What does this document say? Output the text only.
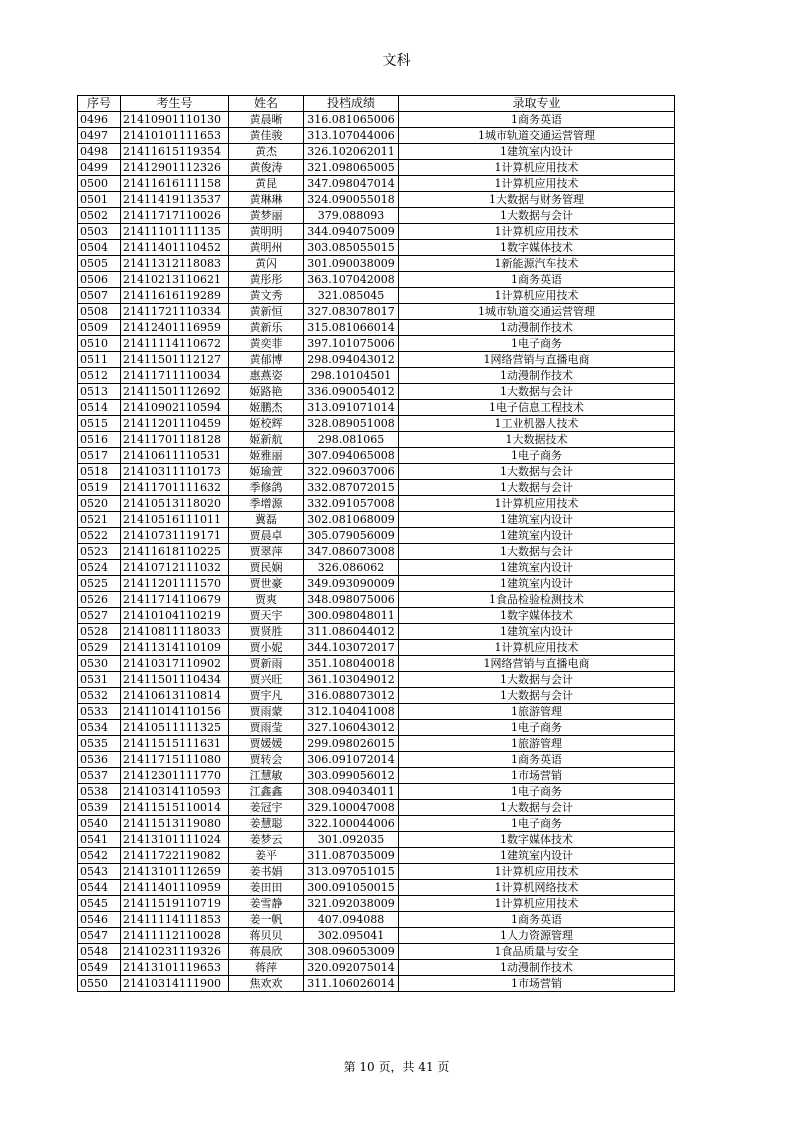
文科
序号	考生号	姓名	投档成绩	录取专业
0496	21410901110130	黄晨晰	316.081065006	1商务英语
0497	21410101111653	黄佳骏	313.107044006	1城市轨道交通运营管理
0498	21411615119354	黄杰	326.102062011	1建筑室内设计
0499	21412901112326	黄俊涛	321.098065005	1计算机应用技术
0500	21411616111158	黄昆	347.098047014	1计算机应用技术
0501	21411419113537	黄琳琳	324.090055018	1大数据与财务管理
0502	21411717110026	黄梦丽	379.088093	1大数据与会计
0503	21411101111135	黄明明	344.094075009	1计算机应用技术
0504	21411401110452	黄明州	303.085055015	1数字媒体技术
0505	21411312118083	黄闪	301.090038009	1新能源汽车技术
0506	21410213110621	黄彤彤	363.107042008	1商务英语
0507	21411616119289	黄文秀	321.085045	1计算机应用技术
0508	21411721110334	黄新恒	327.083078017	1城市轨道交通运营管理
0509	21412401116959	黄新乐	315.081066014	1动漫制作技术
0510	21411114110672	黄奕菲	397.101075006	1电子商务
0511	21411501112127	黄郁博	298.094043012	1网络营销与直播电商
0512	21411711110034	惠燕姿	298.10104501	1动漫制作技术
0513	21411501112692	姬路艳	336.090054012	1大数据与会计
0514	21410902110594	姬鹏杰	313.091071014	1电子信息工程技术
0515	21411201110459	姬校辉	328.089051008	1工业机器人技术
0516	21411701118128	姬新航	298.081065	1大数据技术
0517	21410611110531	姬雅丽	307.094065008	1电子商务
0518	21410311110173	姬瑜萱	322.096037006	1大数据与会计
0519	21411701111632	季修鸽	332.087072015	1大数据与会计
0520	21410513118020	季增源	332.091057008	1计算机应用技术
0521	21410516111011	冀磊	302.081068009	1建筑室内设计
0522	21410731119171	贾晨卓	305.079056009	1建筑室内设计
0523	21411618110225	贾翠萍	347.086073008	1大数据与会计
0524	21410712111032	贾民娴	326.086062	1建筑室内设计
0525	21411201111570	贾世豪	349.093090009	1建筑室内设计
0526	21411714110679	贾爽	348.098075006	1食品检验检测技术
0527	21410104110219	贾天宇	300.098048011	1数字媒体技术
0528	21410811118033	贾贤胜	311.086044012	1建筑室内设计
0529	21411314110109	贾小妮	344.103072017	1计算机应用技术
0530	21410317110902	贾新雨	351.108040018	1网络营销与直播电商
0531	21411501110434	贾兴旺	361.103049012	1大数据与会计
0532	21410613110814	贾宇凡	316.088073012	1大数据与会计
0533	21411014110156	贾雨蒙	312.104041008	1旅游管理
0534	21410511111325	贾雨莹	327.106043012	1电子商务
0535	21411515111631	贾媛媛	299.098026015	1旅游管理
0536	21411715111080	贾转会	306.091072014	1商务英语
0537	21412301111770	江慧敏	303.099056012	1市场营销
0538	21410314110593	江鑫鑫	308.094034011	1电子商务
0539	21411515110014	姜冠宇	329.100047008	1大数据与会计
0540	21411513119080	姜慧聪	322.100044006	1电子商务
0541	21413101111024	姜梦云	301.092035	1数字媒体技术
0542	21411722119082	姜平	311.087035009	1建筑室内设计
0543	21413101112659	姜书娟	313.097051015	1计算机应用技术
0544	21411401110959	姜田田	300.091050015	1计算机网络技术
0545	21411519110719	姜雪静	321.092038009	1计算机应用技术
0546	21411114111853	姜一帆	407.094088	1商务英语
0547	21411112110028	蒋贝贝	302.095041	1人力资源管理
0548	21410231119326	蒋晨欣	308.096053009	1食品质量与安全
0549	21413101119653	蒋萍	320.092075014	1动漫制作技术
0550	21410314111900	焦欢欢	311.106026014	1市场营销
第 10 页，共 41 页
